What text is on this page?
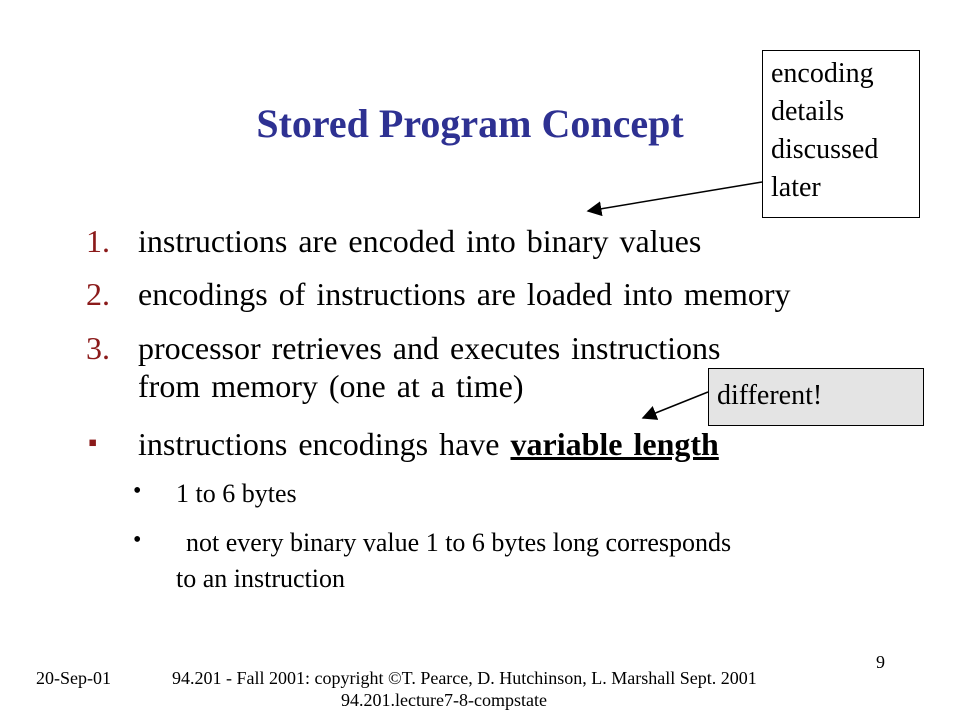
Stored Program Concept
1. instructions are encoded into binary values
2. encodings of instructions are loaded into memory
3. processor retrieves and executes instructions
from memory (one at a time)
▪ instructions encodings have variable length
• 1 to 6 bytes
• not every binary value 1 to 6 bytes long corresponds
to an instruction
encoding
details
discussed
later
different!
20-Sep-01	94.201 - Fall 2001: copyright ©T. Pearce, D. Hutchinson, L. Marshall Sept. 2001
94.201.lecture7-8-compstate
9
